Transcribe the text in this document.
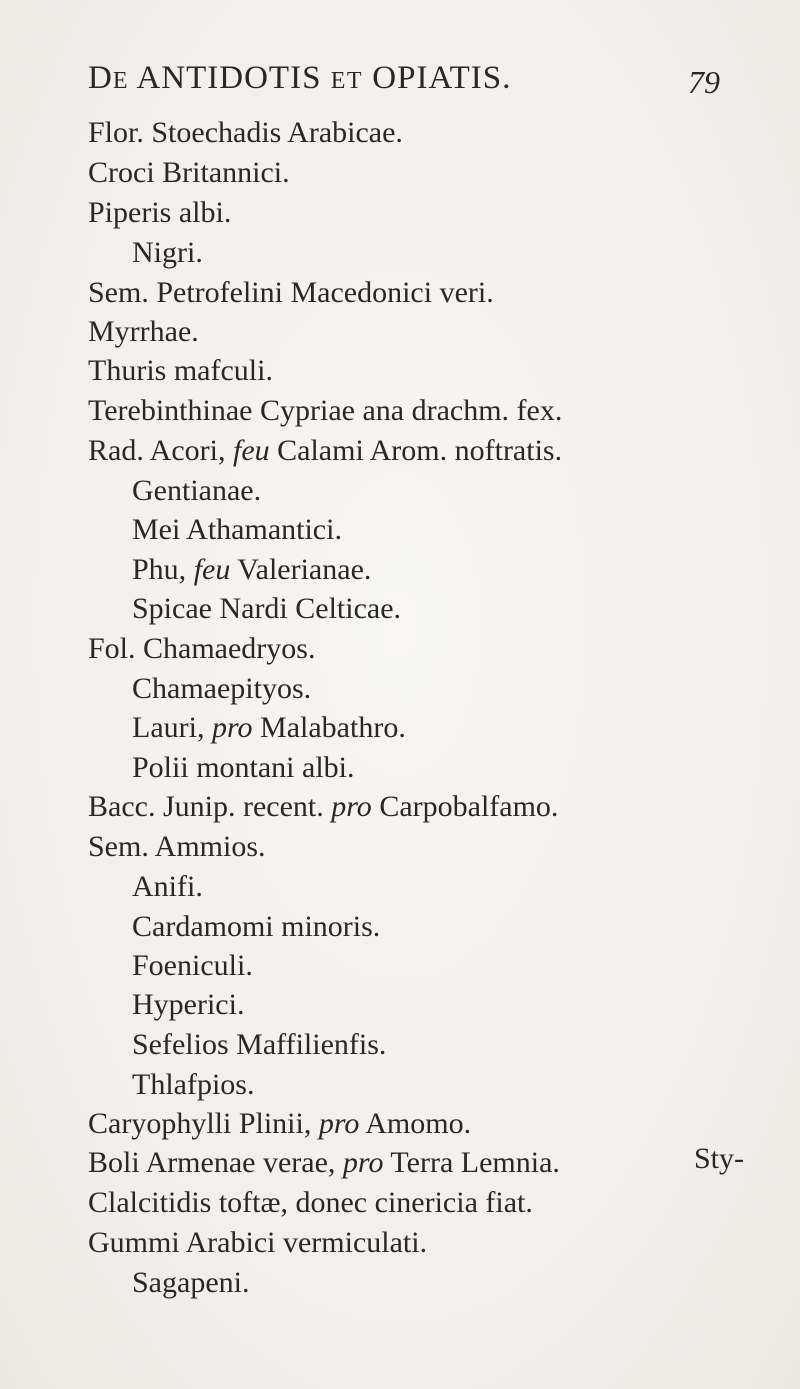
DE ANTIDOTIS ET OPIATIS.	79
Flor. Stoechadis Arabicae.
Croci Britannici.
Piperis albi.
Nigri.
Sem. Petrofelini Macedonici veri.
Myrrhae.
Thuris mafculi.
Terebinthinae Cypriae ana drachm. fex.
Rad. Acori, feu Calami Arom. noftratis.
Gentianae.
Mei Athamantici.
Phu, feu Valerianae.
Spicae Nardi Celticae.
Fol. Chamaedryos.
Chamaepityos.
Lauri, pro Malabathro.
Polii montani albi.
Bacc. Junip. recent. pro Carpobalfamo.
Sem. Ammios.
Anifi.
Cardamomi minoris.
Foeniculi.
Hyperici.
Sefelios Maffilienfis.
Thlafpios.
Caryophylli Plinii, pro Amomo.
Boli Armenae verae, pro Terra Lemnia.
Clalcitidis toftæ, donec cinericia fiat.
Gummi Arabici vermiculati.
Sagapeni.
Sty-
